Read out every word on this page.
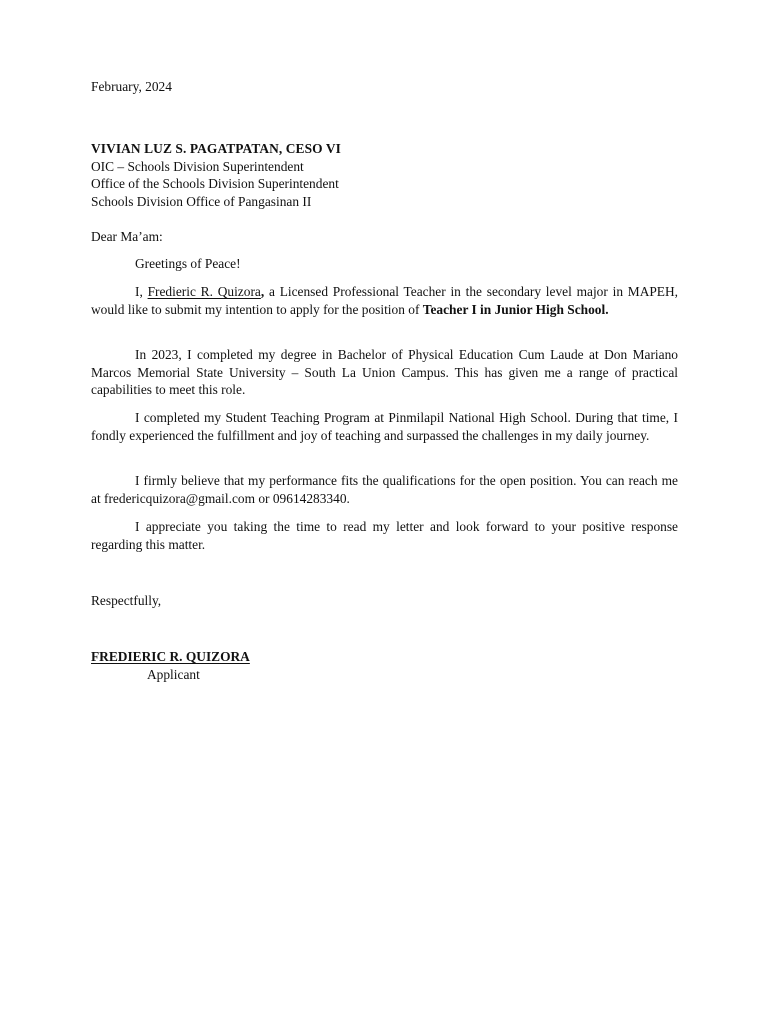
February, 2024
VIVIAN LUZ S. PAGATPATAN, CESO VI
OIC – Schools Division Superintendent
Office of the Schools Division Superintendent
Schools Division Office of Pangasinan II
Dear Ma’am:

Greetings of Peace!

I, Fredieric R. Quizora, a Licensed Professional Teacher in the secondary level major in MAPEH, would like to submit my intention to apply for the position of Teacher I in Junior High School.

In 2023, I completed my degree in Bachelor of Physical Education Cum Laude at Don Mariano Marcos Memorial State University – South La Union Campus. This has given me a range of practical capabilities to meet this role.

I completed my Student Teaching Program at Pinmilapil National High School. During that time, I fondly experienced the fulfillment and joy of teaching and surpassed the challenges in my daily journey.

I firmly believe that my performance fits the qualifications for the open position. You can reach me at fredericquizora@gmail.com or 09614283340.

I appreciate you taking the time to read my letter and look forward to your positive response regarding this matter.

Respectfully,
FREDIERIC R. QUIZORA
Applicant
